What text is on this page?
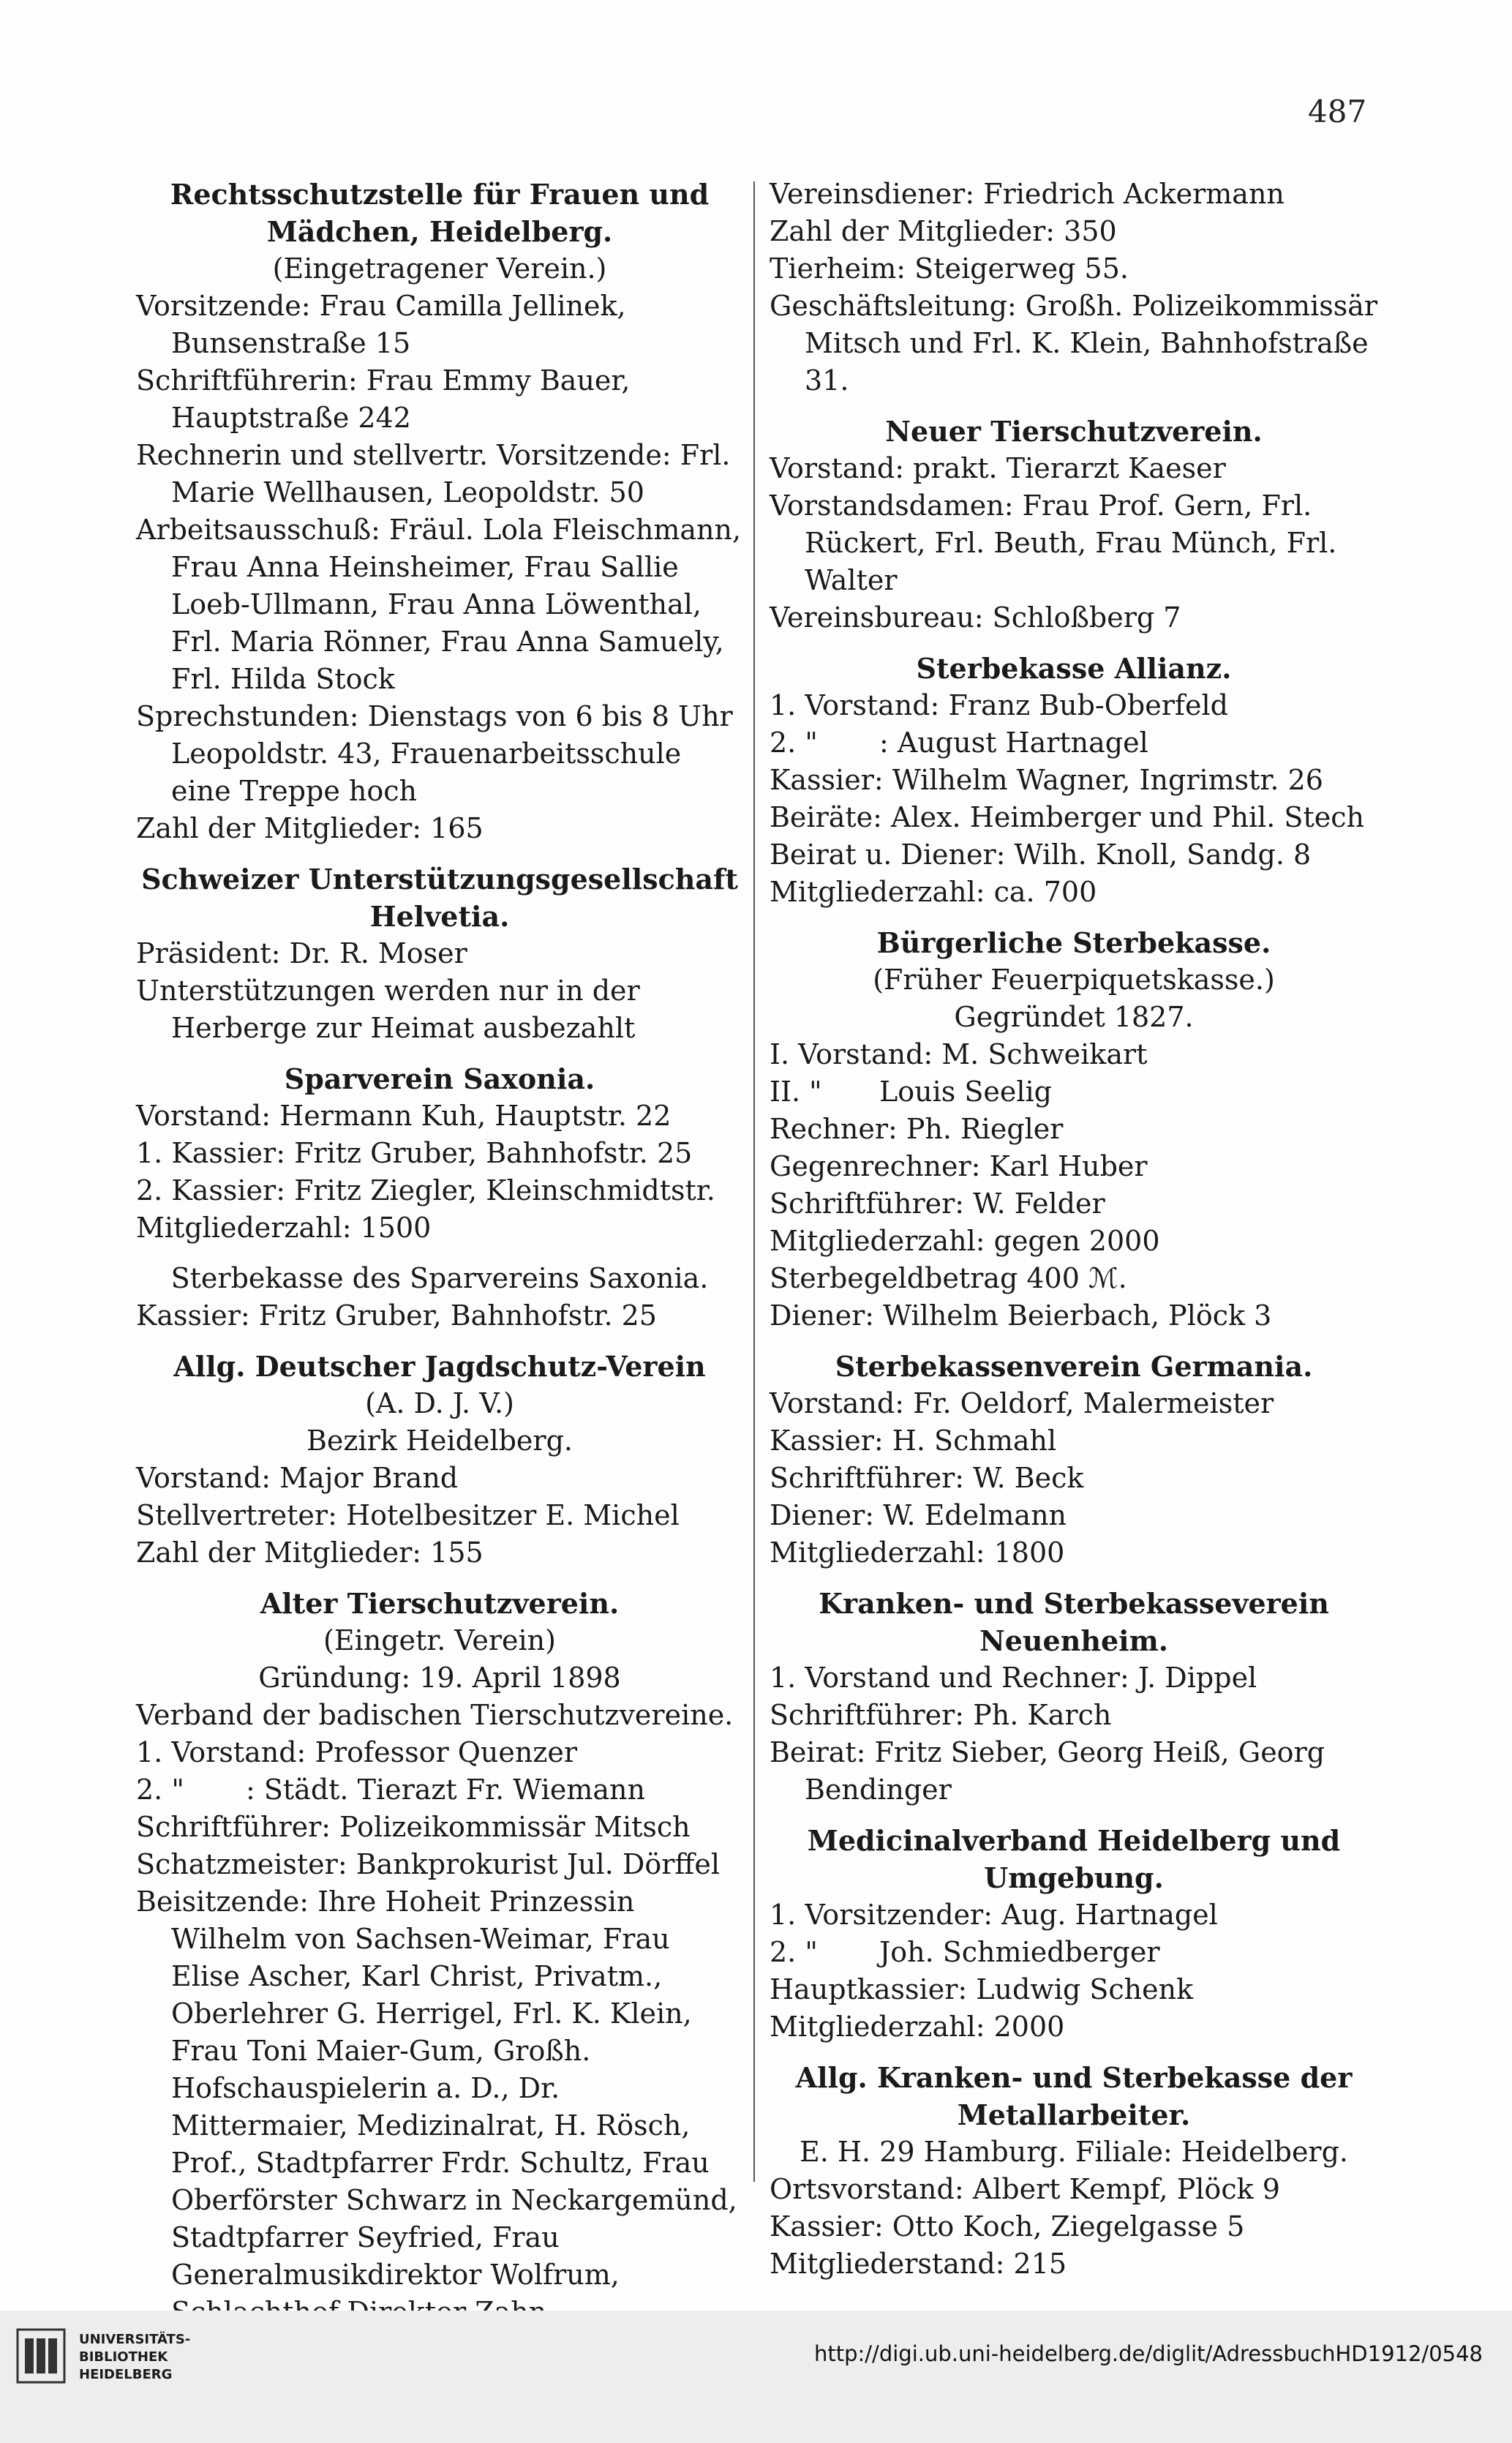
487
Rechtsschutzstelle für Frauen und Mädchen, Heidelberg.
(Eingetragener Verein.)
Vorsitzende: Frau Camilla Jellinek, Bunsenstraße 15
Schriftführerin: Frau Emmy Bauer, Hauptstraße 242
Rechnerin und stellvertr. Vorsitzende: Frl. Marie Wellhausen, Leopoldstr. 50
Arbeitsausschuß: Fräul. Lola Fleischmann, Frau Anna Heinsheimer, Frau Sallie Loeb-Ullmann, Frau Anna Löwenthal, Frl. Maria Rönner, Frau Anna Samuely, Frl. Hilda Stock
Sprechstunden: Dienstags von 6 bis 8 Uhr Leopoldstr. 43, Frauenarbeitsschule eine Treppe hoch
Zahl der Mitglieder: 165
Schweizer Unterstützungsgesellschaft Helvetia.
Präsident: Dr. R. Moser
Unterstützungen werden nur in der Herberge zur Heimat ausbezahlt
Sparverein Saxonia.
Vorstand: Hermann Kuh, Hauptstr. 22
1. Kassier: Fritz Gruber, Bahnhofstr. 25
2. Kassier: Fritz Ziegler, Kleinschmidtstr.
Mitgliederzahl: 1500
Sterbekasse des Sparvereins Saxonia.
Kassier: Fritz Gruber, Bahnhofstr. 25
Allg. Deutscher Jagdschutz-Verein
(A. D. J. V.)
Bezirk Heidelberg.
Vorstand: Major Brand
Stellvertreter: Hotelbesitzer E. Michel
Zahl der Mitglieder: 155
Alter Tierschutzverein.
(Eingetr. Verein)
Gründung: 19. April 1898
Verband der badischen Tierschutzvereine.
1. Vorstand: Professor Quenzer
2. "	: Städt. Tierazt Fr. Wiemann
Schriftführer: Polizeikommissär Mitsch
Schatzmeister: Bankprokurist Jul. Dörffel
Beisitzende: Ihre Hoheit Prinzessin Wilhelm von Sachsen-Weimar, Frau Elise Ascher, Karl Christ, Privatm., Oberlehrer G. Herrigel, Frl. K. Klein, Frau Toni Maier-Gum, Großh. Hofschauspielerin a. D., Dr. Mittermaier, Medizinalrat, H. Rösch, Prof., Stadtpfarrer Frdr. Schultz, Frau Oberförster Schwarz in Neckargemünd, Stadtpfarrer Seyfried, Frau Generalmusikdirektor Wolfrum,
Vereinsdiener: Friedrich Ackermann
Zahl der Mitglieder: 350
Tierheim: Steigerweg 55.
Geschäftsleitung: Großh. Polizeikommissär Mitsch und Frl. K. Klein, Bahnhofstraße 31.
Neuer Tierschutzverein.
Vorstand: prakt. Tierarzt Kaeser
Vorstandsdamen: Frau Prof. Gern, Frl. Rückert, Frl. Beuth, Frau Münch, Frl. Walter
Vereinsbureau: Schloßberg 7
Sterbekasse Allianz.
1. Vorstand: Franz Bub-Oberfeld
2. "	: August Hartnagel
Kassier: Wilhelm Wagner, Ingrimstr. 26
Beiräte: Alex. Heimberger und Phil. Stech
Beirat u. Diener: Wilh. Knoll, Sandg. 8
Mitgliederzahl: ca. 700
Bürgerliche Sterbekasse.
(Früher Feuerpiquetskasse.)
Gegründet 1827.
I. Vorstand: M. Schweikart
II. "	Louis Seelig
Rechner: Ph. Riegler
Gegenrechner: Karl Huber
Schriftführer: W. Felder
Mitgliederzahl: gegen 2000
Sterbegeldbetrag 400 ℳ.
Diener: Wilhelm Beierbach, Plöck 3
Sterbekassenverein Germania.
Vorstand: Fr. Oeldorf, Malermeister
Kassier: H. Schmahl
Schriftführer: W. Beck
Diener: W. Edelmann
Mitgliederzahl: 1800
Kranken- und Sterbekasseverein Neuenheim.
1. Vorstand und Rechner: J. Dippel
Schriftführer: Ph. Karch
Beirat: Fritz Sieber, Georg Heiß, Georg Bendinger
Medicinalverband Heidelberg und Umgebung.
1. Vorsitzender: Aug. Hartnagel
2. "	Joh. Schmiedberger
Hauptkassier: Ludwig Schenk
Mitgliederzahl: 2000
Allg. Kranken- und Sterbekasse der Metallarbeiter.
E. H. 29 Hamburg. Filiale: Heidelberg.
Ortsvorstand: Albert Kempf, Plöck 9
Kassier: Otto Koch, Ziegelgasse 5
Mitgliederstand: 215
UNIVERSITÄTS-
BIBLIOTHEK
HEIDELBERG
http://digi.ub.uni-heidelberg.de/diglit/AdressbuchHD1912/0548
